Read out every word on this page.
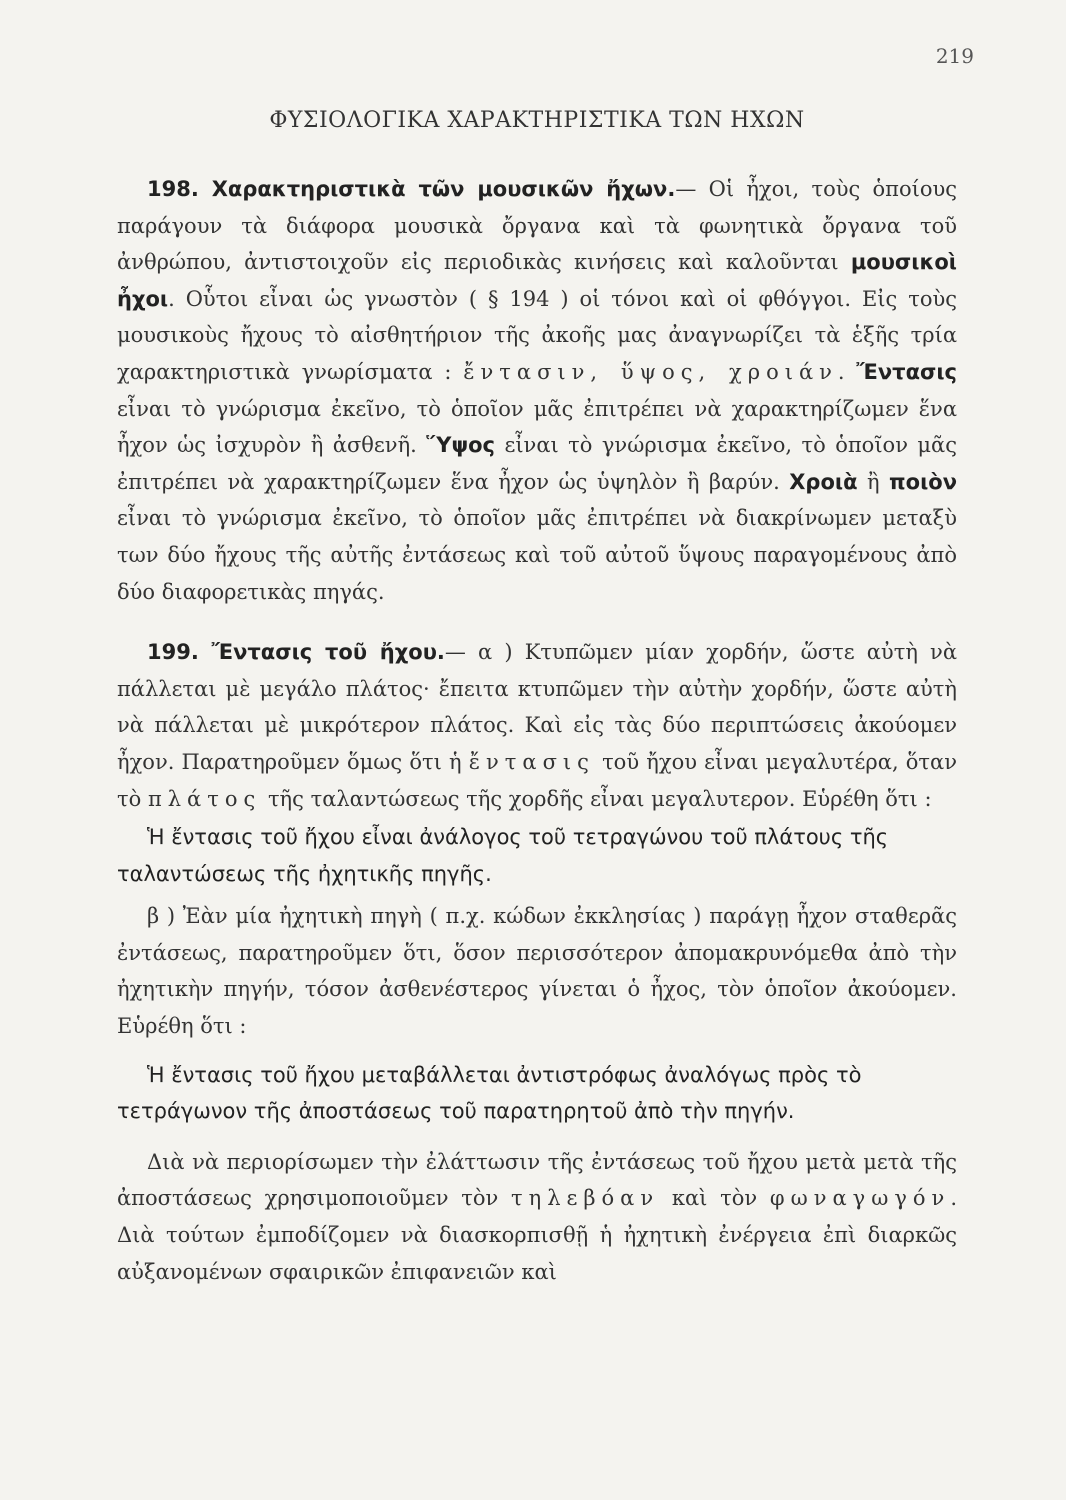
219
ΦΥΣΙΟΛΟΓΙΚΑ ΧΑΡΑΚΤΗΡΙΣΤΙΚΑ ΤΩΝ ΗΧΩΝ

198. Χαρακτηριστικὰ τῶν μουσικῶν ἤχων.— Οἱ ἦχοι, τοὺς ὁποίους παράγουν τὰ διάφορα μουσικὰ ὄργανα καὶ τὰ φωνητικὰ ὄργανα τοῦ ἀνθρώπου, ἀντιστοιχοῦν εἰς περιοδικὰς κινήσεις καὶ καλοῦνται μουσικοὶ ἦχοι. Οὗτοι εἶναι ὡς γνωστὸν ( § 194 ) οἱ τόνοι καὶ οἱ φθόγγοι. Εἰς τοὺς μουσικοὺς ἤχους τὸ αἰσθητήριον τῆς ἀκοῆς μας ἀναγνωρίζει τὰ ἑξῆς τρία χαρακτηριστικὰ γνωρίσματα : ἔντασιν, ὕψος, χροιάν. Ἔντασις εἶναι τὸ γνώρισμα ἐκεῖνο, τὸ ὁποῖον μᾶς ἐπιτρέπει νὰ χαρακτηρίζωμεν ἕνα ἦχον ὡς ἰσχυρὸν ἢ ἀσθενῆ. Ὕψος εἶναι τὸ γνώρισμα ἐκεῖνο, τὸ ὁποῖον μᾶς ἐπιτρέπει νὰ χαρακτηρίζωμεν ἕνα ἦχον ὡς ὑψηλὸν ἢ βαρύν. Χροιὰ ἢ ποιὸν εἶναι τὸ γνώρισμα ἐκεῖνο, τὸ ὁποῖον μᾶς ἐπιτρέπει νὰ διακρίνωμεν μεταξὺ των δύο ἤχους τῆς αὐτῆς ἐντάσεως καὶ τοῦ αὐτοῦ ὕψους παραγομένους ἀπὸ δύο διαφορετικὰς πηγάς.

199. Ἔντασις τοῦ ἤχου.— α ) Κτυπῶμεν μίαν χορδήν, ὥστε αὐτὴ νὰ πάλλεται μὲ μεγάλο πλάτος· ἔπειτα κτυπῶμεν τὴν αὐτὴν χορδήν, ὥστε αὐτὴ νὰ πάλλεται μὲ μικρότερον πλάτος. Καὶ εἰς τὰς δύο περιπτώσεις ἀκούομεν ἦχον. Παρατηροῦμεν ὅμως ὅτι ἡ ἔντασις τοῦ ἤχου εἶναι μεγαλυτέρα, ὅταν τὸ πλάτος τῆς ταλαντώσεως τῆς χορδῆς εἶναι μεγαλυτερον. Εὑρέθη ὅτι :

Ἡ ἔντασις τοῦ ἤχου εἶναι ἀνάλογος τοῦ τετραγώνου τοῦ πλάτους τῆς ταλαντώσεως τῆς ἠχητικῆς πηγῆς.

β ) Ἐὰν μία ἠχητικὴ πηγὴ ( π.χ. κώδων ἐκκλησίας ) παράγῃ ἦχον σταθερᾶς ἐντάσεως, παρατηροῦμεν ὅτι, ὅσον περισσότερον ἀπομακρυνόμεθα ἀπὸ τὴν ἠχητικὴν πηγήν, τόσον ἀσθενέστερος γίνεται ὁ ἦχος, τὸν ὁποῖον ἀκούομεν. Εὑρέθη ὅτι :

Ἡ ἔντασις τοῦ ἤχου μεταβάλλεται ἀντιστρόφως ἀναλόγως πρὸς τὸ τετράγωνον τῆς ἀποστάσεως τοῦ παρατηρητοῦ ἀπὸ τὴν πηγήν.

Διὰ νὰ περιορίσωμεν τὴν ἐλάττωσιν τῆς ἐντάσεως τοῦ ἤχου μετὰ μετὰ τῆς ἀποστάσεως χρησιμοποιοῦμεν τὸν τηλεβόαν καὶ τὸν φωναγωγόν. Διὰ τούτων ἐμποδίζομεν νὰ διασκορπισθῇ ἡ ἠχητικὴ ἐνέργεια ἐπὶ διαρκῶς αὐξανομένων σφαιρικῶν ἐπιφανειῶν καὶ
